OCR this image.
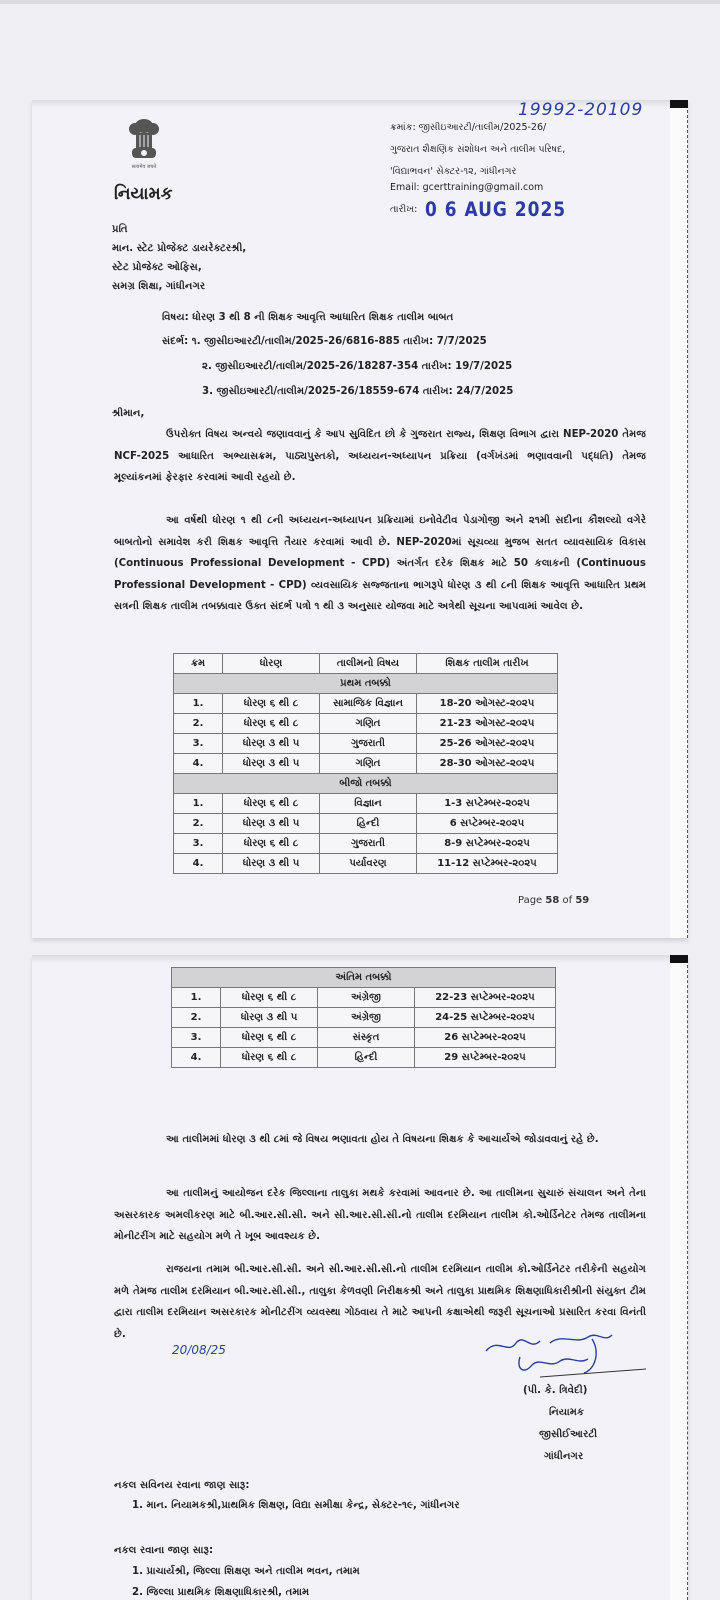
19992-20109
सत्यमेव जयते
નિયામક
ક્રમાંક: જીસીઇઆરટી/તાલીમ/2025-26/
ગુજરાત શૈક્ષણિક સંશોધન અને તાલીમ પરિષદ,
'વિદ્યાભવન' સેક્ટર-૧૨, ગાંધીનગર
Email: gcerttraining@gmail.com
તારીખ: 0 6 AUG 2025
પ્રતિ
માન. સ્ટેટ પ્રોજેક્ટ ડાયરેક્ટરશ્રી,
સ્ટેટ પ્રોજેક્ટ ઓફિસ,
સમગ્ર શિક્ષા, ગાંધીનગર
વિષય: ધોરણ 3 થી 8 ની શિક્ષક આવૃત્તિ આધારિત શિક્ષક તાલીમ બાબત
સંદર્ભ: ૧. જીસીઇઆરટી/તાલીમ/2025-26/6816-885 તારીખ: 7/7/2025
૨. જીસીઇઆરટી/તાલીમ/2025-26/18287-354 તારીખ: 19/7/2025
3. જીસીઇઆરટી/તાલીમ/2025-26/18559-674 તારીખ: 24/7/2025
શ્રીમાન,
ઉપરોક્ત વિષય અન્વયે જણાવવાનું કે આપ સુવિદિત છો કે ગુજરાત રાજ્ય, શિક્ષણ વિભાગ દ્વારા NEP-2020 તેમજ NCF-2025 આધારિત અભ્યાસક્રમ, પાઠ્યપુસ્તકો, અધ્યયન-અધ્યાપન પ્રક્રિયા (વર્ગખંડમાં ભણાવવાની પદ્ધતિ) તેમજ મૂલ્યાંકનમાં ફેરફાર કરવામાં આવી રહયો છે.
આ વર્ષથી ધોરણ ૧ થી ૮ની અધ્યયન-અધ્યાપન પ્રક્રિયામાં ઇનોવેટીવ પેડાગોજી અને ૨૧મી સદીના કૌશલ્યો વગેરે બાબતોનો સમાવેશ કરી શિક્ષક આવૃત્તિ તૈયાર કરવામાં આવી છે. NEP-2020માં સૂચવ્યા મુજબ સતત વ્યાવસાયિક વિકાસ (Continuous Professional Development - CPD) અંતર્ગત દરેક શિક્ષક માટે 50 કલાકની (Continuous Professional Development - CPD) વ્યવસાયિક સજ્જતાના ભાગરૂપે ધોરણ ૩ થી ૮ની શિક્ષક આવૃત્તિ આધારિત પ્રથમ સત્રની શિક્ષક તાલીમ તબક્કાવાર ઉક્ત સંદર્ભ પત્રો ૧ થી ૩ અનુસાર યોજવા માટે અત્રેથી સૂચના આપવામાં આવેલ છે.
ક્રમ	ધોરણ	તાલીમનો વિષય	શિક્ષક તાલીમ તારીખ
પ્રથમ તબક્કો			
1.	ધોરણ ૬ થી ૮	સામાજિક વિજ્ઞાન	18-20 ઓગસ્ટ-૨૦૨૫
2.	ધોરણ ૬ થી ૮	ગણિત	21-23 ઓગસ્ટ-૨૦૨૫
3.	ધોરણ ૩ થી ૫	ગુજરાતી	25-26 ઓગસ્ટ-૨૦૨૫
4.	ધોરણ ૩ થી ૫	ગણિત	28-30 ઓગસ્ટ-૨૦૨૫
બીજો તબક્કો			
1.	ધોરણ ૬ થી ૮	વિજ્ઞાન	1-3 સપ્ટેમ્બર-૨૦૨૫
2.	ધોરણ ૩ થી ૫	હિન્દી	6 સપ્ટેમ્બર-૨૦૨૫
3.	ધોરણ ૬ થી ૮	ગુજરાતી	8-9 સપ્ટેમ્બર-૨૦૨૫
4.	ધોરણ ૩ થી ૫	પર્યાવરણ	11-12 સપ્ટેમ્બર-૨૦૨૫
Page 58 of 59
અંતિમ તબક્કો			
1.	ધોરણ ૬ થી ૮	અંગ્રેજી	22-23 સપ્ટેમ્બર-૨૦૨૫
2.	ધોરણ ૩ થી ૫	અંગ્રેજી	24-25 સપ્ટેમ્બર-૨૦૨૫
3.	ધોરણ ૬ થી ૮	સંસ્કૃત	26 સપ્ટેમ્બર-૨૦૨૫
4.	ધોરણ ૬ થી ૮	હિન્દી	29 સપ્ટેમ્બર-૨૦૨૫
આ તાલીમમાં ધોરણ ૩ થી ૮માં જે વિષય ભણાવતા હોય તે વિષયના શિક્ષક કે આચાર્યએ જોડાવવાનું રહે છે.
આ તાલીમનું આયોજન દરેક જિલ્લાના તાલુકા મથકે કરવામાં આવનાર છે. આ તાલીમના સુચારું સંચાલન અને તેના અસરકારક અમલીકરણ માટે બી.આર.સી.સી. અને સી.આર.સી.સી.નો તાલીમ દરમિયાન તાલીમ કો.ઓર્ડિનેટર તેમજ તાલીમના મોનીટરીંગ માટે સહયોગ મળે તે ખૂબ આવશ્યક છે.
રાજયના તમામ બી.આર.સી.સી. અને સી.આર.સી.સી.નો તાલીમ દરમિયાન તાલીમ કો.ઓર્ડિનેટર તરીકેની સહયોગ મળે તેમજ તાલીમ દરમિયાન બી.આર.સી.સી., તાલુકા કેળવણી નિરીક્ષકશ્રી અને તાલુકા પ્રાથમિક શિક્ષણાધિકારીશ્રીની સંયુક્ત ટીમ દ્વારા તાલીમ દરમિયાન અસરકારક મોનીટરીંગ વ્યવસ્થા ગોઠવાય તે માટે આપની કક્ષાએથી જરૂરી સૂચનાઓ પ્રસારિત કરવા વિનંતી છે.
20/08/25
(પી. કે. ત્રિવેદી)
નિયામક
જીસીઈઆરટી
ગાંધીનગર
નકલ સવિનય રવાના જાણ સારૂ:
1. માન. નિયામકશ્રી,પ્રાથમિક શિક્ષણ, વિદ્યા સમીક્ષા કેન્દ્ર, સેક્ટર-૧૯, ગાંધીનગર
નકલ રવાના જાણ સારૂ:
1. પ્રાચાર્યશ્રી, જિલ્લા શિક્ષણ અને તાલીમ ભવન, તમામ
2. જિલ્લા પ્રાથમિક શિક્ષણાધિકારશ્રી, તમામ
